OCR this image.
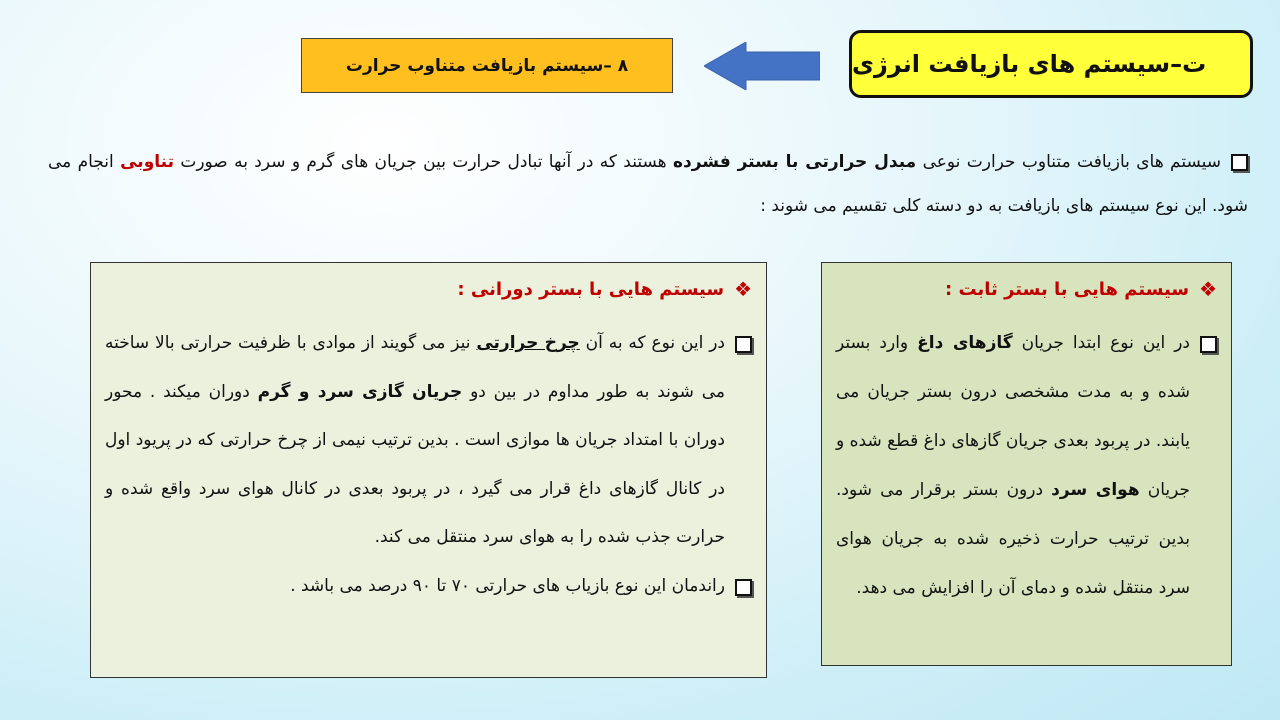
ت–سیستم های بازیافت انرژی
۸ –سیستم بازیافت متناوب حرارت
سیستم های بازیافت متناوب حرارت نوعی مبدل حرارتی با بستر فشرده هستند که در آنها تبادل حرارت بین جریان های گرم و سرد به صورت تناوبی انجام می شود. این نوع سیستم های بازیافت به دو دسته کلی تقسیم می شوند :
❖
سیستم هایی با بستر ثابت :
در این نوع ابتدا جریان گازهای داغ وارد بستر شده و به مدت مشخصی درون بستر جریان می یابند. در پربود بعدی جریان گازهای داغ قطع شده و جریان هوای سرد درون بستر برقرار می شود. بدین ترتیب حرارت ذخیره شده به جریان هوای سرد منتقل شده و دمای آن را افزایش می دهد.
❖
سیستم هایی با بستر دورانی :
در این نوع که به آن چرخ حرارتی نیز می گویند از موادی با ظرفیت حرارتی بالا ساخته می شوند به طور مداوم در بین دو جریان گازی سرد و گرم دوران میکند . محور دوران با امتداد جریان ها موازی است . بدین ترتیب نیمی از چرخ حرارتی که در پریود اول در کانال گازهای داغ قرار می گیرد ، در پربود بعدی در کانال هوای سرد واقع شده و حرارت جذب شده را به هوای سرد منتقل می کند.
راندمان این نوع بازیاب های حرارتی ۷۰ تا ۹۰ درصد می باشد .
